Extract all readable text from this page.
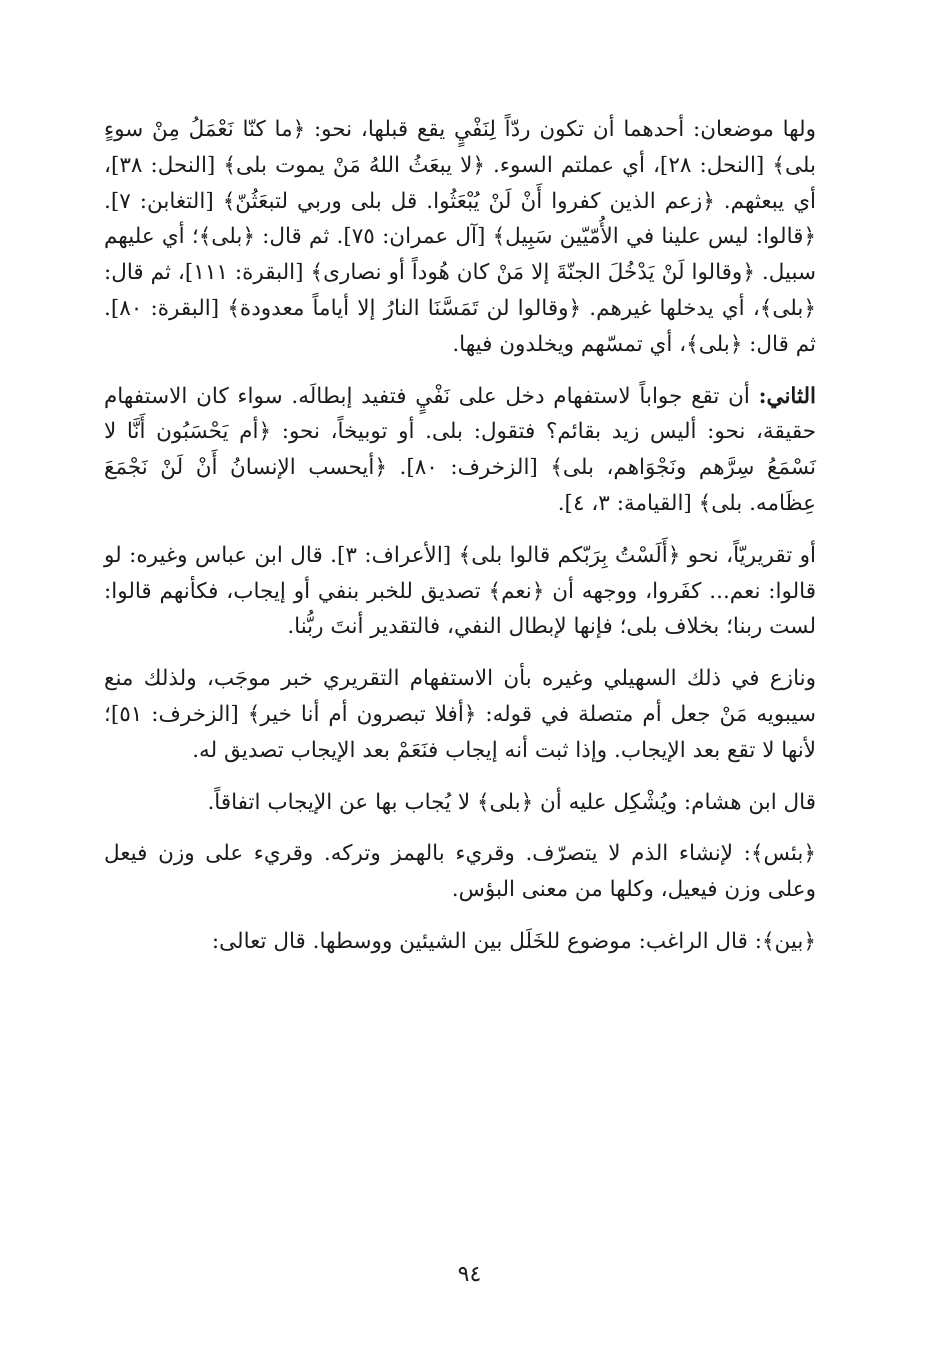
ولها موضعان: أحدهما أن تكون ردّاً لِنَفْيٍ يقع قبلها، نحو: ﴿ما كنّا نَعْمَلُ مِنْ سوءٍ بلى﴾ [النحل: ٢٨]، أي عملتم السوء. ﴿لا يبعَثُ اللهُ مَنْ يموت بلى﴾ [النحل: ٣٨]، أي يبعثهم. ﴿زعم الذين كفروا أَنْ لَنْ يُبْعَثُوا. قل بلى وربي لتبعَثُنّ﴾ [التغابن: ٧]. ﴿قالوا: ليس علينا في الأُمّيّين سَبِيل﴾ [آل عمران: ٧٥]. ثم قال: ﴿بلى﴾؛ أي عليهم سبيل. ﴿وقالوا لَنْ يَدْخُلَ الجنّةَ إلا مَنْ كان هُوداً أو نصارى﴾ [البقرة: ١١١]، ثم قال: ﴿بلى﴾، أي يدخلها غيرهم. ﴿وقالوا لن تَمَسَّنَا النارُ إلا أياماً معدودة﴾ [البقرة: ٨٠]. ثم قال: ﴿بلى﴾، أي تمسّهم ويخلدون فيها.

الثاني: أن تقع جواباً لاستفهام دخل على نَفْيٍ فتفيد إبطالَه. سواء كان الاستفهام حقيقة، نحو: أليس زيد بقائم؟ فتقول: بلى. أو توبيخاً، نحو: ﴿أم يَحْسَبُون أَنَّا لا نَسْمَعُ سِرَّهم ونَجْوَاهم، بلى﴾ [الزخرف: ٨٠]. ﴿أيحسب الإنسانُ أَنْ لَنْ نَجْمَعَ عِظَامه. بلى﴾ [القيامة: ٣، ٤].

أو تقريريّاً، نحو ﴿أَلَسْتُ بِرَبّكم قالوا بلى﴾ [الأعراف: ٣]. قال ابن عباس وغيره: لو قالوا: نعم... كفَروا، ووجهه أن ﴿نعم﴾ تصديق للخبر بنفي أو إيجاب، فكأنهم قالوا: لست ربنا؛ بخلاف بلى؛ فإنها لإبطال النفي، فالتقدير أنتَ ربُّنا.

ونازع في ذلك السهيلي وغيره بأن الاستفهام التقريري خبر موجَب، ولذلك منع سيبويه مَنْ جعل أم متصلة في قوله: ﴿أفلا تبصرون أم أنا خير﴾ [الزخرف: ٥١]؛ لأنها لا تقع بعد الإيجاب. وإذا ثبت أنه إيجاب فنَعَمْ بعد الإيجاب تصديق له.

قال ابن هشام: ويُشْكِل عليه أن ﴿بلى﴾ لا يُجاب بها عن الإيجاب اتفاقاً.

﴿بئس﴾: لإنشاء الذم لا يتصرّف. وقريء بالهمز وتركه. وقريء على وزن فيعل وعلى وزن فيعيل، وكلها من معنى البؤس.

﴿بين﴾: قال الراغب: موضوع للخَلَل بين الشيئين ووسطها. قال تعالى:

٩٤
